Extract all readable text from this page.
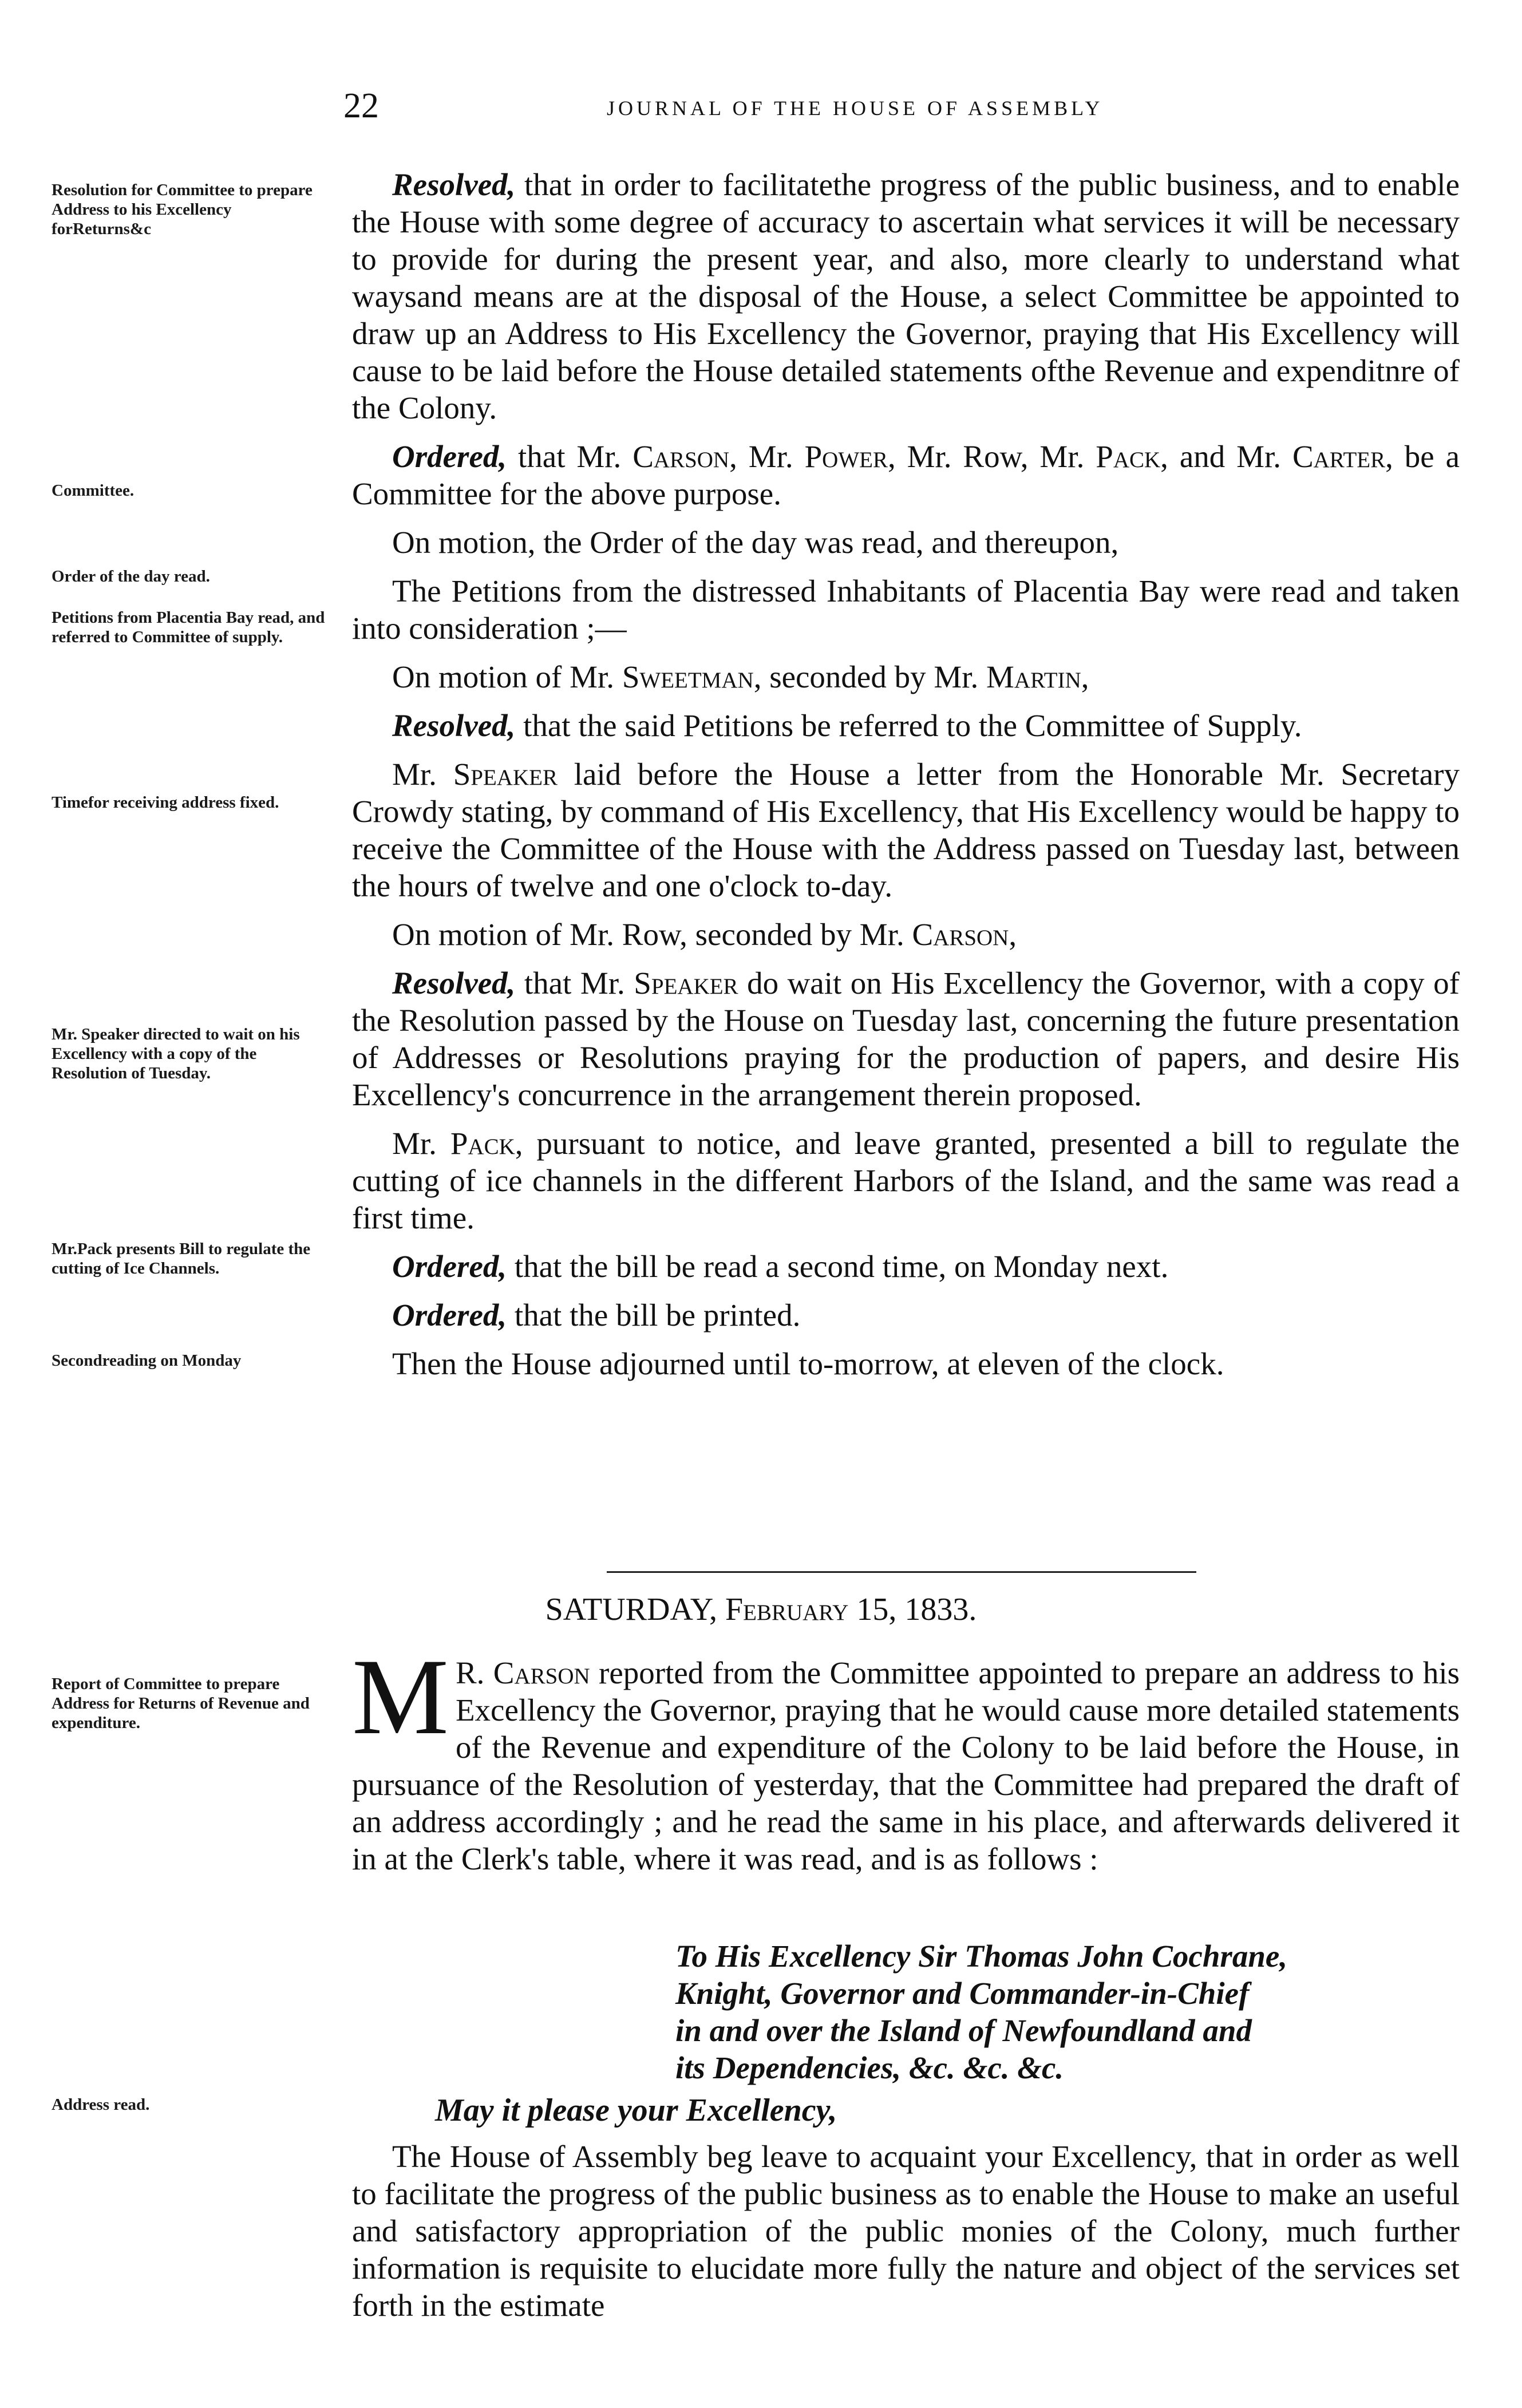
22	JOURNAL OF THE HOUSE OF ASSEMBLY
Resolution for Committee to prepare Address to his Excellency forReturns&c
Committee.
Order of the day read.
Petitions from Placentia Bay read, and referred to Committee of supply.
Timefor receiving address fixed.
Mr. Speaker directed to wait on his Excellency with a copy of the Resolution of Tuesday.
Mr.Pack presents Bill to regulate the cutting of Ice Channels.
Secondreading on Monday
Report of Committee to prepare Address for Returns of Revenue and expenditure.
Address read.

Resolved, that in order to facilitatethe progress of the public business, and to enable the House with some degree of accuracy to ascertain what services it will be necessary to provide for during the present year, and also, more clearly to understand what waysand means are at the disposal of the House, a select Committee be appointed to draw up an Address to His Excellency the Governor, praying that His Excellency will cause to be laid before the House detailed statements ofthe Revenue and expenditnre of the Colony.

Ordered, that Mr. Carson, Mr. Power, Mr. Row, Mr. Pack, and Mr. Carter, be a Committee for the above purpose.

On motion, the Order of the day was read, and thereupon,

The Petitions from the distressed Inhabitants of Placentia Bay were read and taken into consideration ;—

On motion of Mr. Sweetman, seconded by Mr. Martin,

Resolved, that the said Petitions be referred to the Committee of Supply.

Mr. Speaker laid before the House a letter from the Honorable Mr. Secretary Crowdy stating, by command of His Excellency, that His Excellency would be happy to receive the Committee of the House with the Address passed on Tuesday last, between the hours of twelve and one o'clock to-day.

On motion of Mr. Row, seconded by Mr. Carson,

Resolved, that Mr. Speaker do wait on His Excellency the Governor, with a copy of the Resolution passed by the House on Tuesday last, concerning the future presentation of Addresses or Resolutions praying for the production of papers, and desire His Excellency's concurrence in the arrangement therein proposed.

Mr. Pack, pursuant to notice, and leave granted, presented a bill to regulate the cutting of ice channels in the different Harbors of the Island, and the same was read a first time.

Ordered, that the bill be read a second time, on Monday next.

Ordered, that the bill be printed.

Then the House adjourned until to-morrow, at eleven of the clock.

SATURDAY, February 15, 1833.
M R. Carson reported from the Committee appointed to prepare an address to his Excellency the Governor, praying that he would cause more detailed statements of the Revenue and expenditure of the Colony to be laid before the House, in pursuance of the Resolution of yesterday, that the Committee had prepared the draft of an address accordingly ; and he read the same in his place, and afterwards delivered it in at the Clerk's table, where it was read, and is as follows :
To His Excellency Sir Thomas John Cochrane,
Knight, Governor and Commander-in-Chief
in and over the Island of Newfoundland and
its Dependencies, &c. &c. &c.
May it please your Excellency,

The House of Assembly beg leave to acquaint your Excellency, that in order as well to facilitate the progress of the public business as to enable the House to make an useful and satisfactory appropriation of the public monies of the Colony, much further information is requisite to elucidate more fully the nature and object of the services set forth in the estimate
